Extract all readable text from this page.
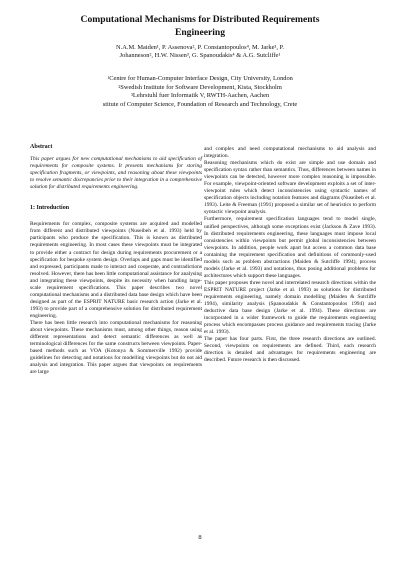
Computational Mechanisms for Distributed Requirements
Engineering
N.A.M. Maiden¹, P. Assenova², P. Constantopoulos⁴, M. Jarke³, P.
Johanneson², H.W. Nissen³, G. Spanoudakis⁴ & A.G. Sutcliffe¹
$^1$Centre for Human-Computer Interface Design, City University, London
$^2$Swedish Institute for Software Development, Kista, Stockholm
$^3$Lehrstuhl fuer Informatik V, RWTH-Aachen, Aachen
stitute of Computer Science, Foundation of Research and Technology, Crete
Abstract
This paper argues for new computational mechanisms to aid specification of requirements for composite systems. It presents mechanisms for storing specification fragments, or viewpoints, and reasoning about these viewpoints to resolve semantic discrepancies prior to their integration in a comprehensive solution for distributed requirements engineering.
1: Introduction

Requirements for complex, composite systems are acquired and modelled from different and distributed viewpoints (Nuseibeh et al. 1993) held by participants who produce the specification. This is known as distributed requirements engineering. In most cases these viewpoints must be integrated to provide either a contract for design during requirements procurement or a specification for bespoke system design. Overlaps and gaps must be identified and expressed, participants made to interact and cooperate, and contradictions resolved. However, there has been little computational assistance for analysing and integrating these viewpoints, despite its necessity when handling large-scale requirement specifications. This paper describes two novel computational mechanisms and a distributed data base design which have been designed as part of the ESPRIT NATURE basic research action (Jarke et al. 1993) to provide part of a comprehensive solution for distributed requirement engineering.

There has been little research into computational mechanisms for reasoning about viewpoints. These mechanisms must, among other things, reason using different representations and detect semantic differences as well as terminological differences for the same constructs between viewpoints. Paper-based methods such as VOA (Kotonya & Sommerville 1992) provide guidelines for detecting and notations for modelling viewpoints but do not aid analysis and integration. This paper argues that viewpoints on requirements are large

and complex and need computational mechanisms to aid analysis and integration.

Reasoning mechanisms which do exist are simple and use domain and specification syntax rather than semantics. Thus, differences between names in viewpoints can be detected, however more complex reasoning is impossible. For example, viewpoint-oriented software development exploits a set of inter-viewpoint rules which detect inconsistencies using syntactic names of specification objects including notation features and diagrams (Nuseibeh et al. 1993). Leite & Freeman (1991) proposed a similar set of heuristics to perform syntactic viewpoint analysis.

Furthermore, requirement specification languages tend to model single, unified perspectives, although some exceptions exist (Jackson & Zave 1993). In distributed requirements engineering, these languages must impose local consistencies within viewpoints but permit global inconsistencies between viewpoints. In addition, people work apart but access a common data base containing the requirement specification and definitions of commonly-used models such as problem abstractions (Maiden & Sutcliffe 1994), process models (Jarke et al. 1993) and notations, thus posing additional problems for architectures which support these languages.

This paper proposes three novel and interrelated research directions within the ESPRIT NATURE project (Jarke et al. 1993) as solutions for distributed requirements engineering, namely domain modelling (Maiden & Sutcliffe 1994), similarity analysis (Spanoudakis & Constantopoulos 1994) and deductive data base design (Jarke et al. 1994). These directions are incorporated in a wider framework to guide the requirements engineering process which encompasses process guidance and requirements tracing (Jarke et al. 1993).

The paper has four parts. First, the three research directions are outlined. Second, viewpoints on requirements are defined. Third, each research direction is detailed and advantages for requirements engineering are described. Future research is then discussed.

8
